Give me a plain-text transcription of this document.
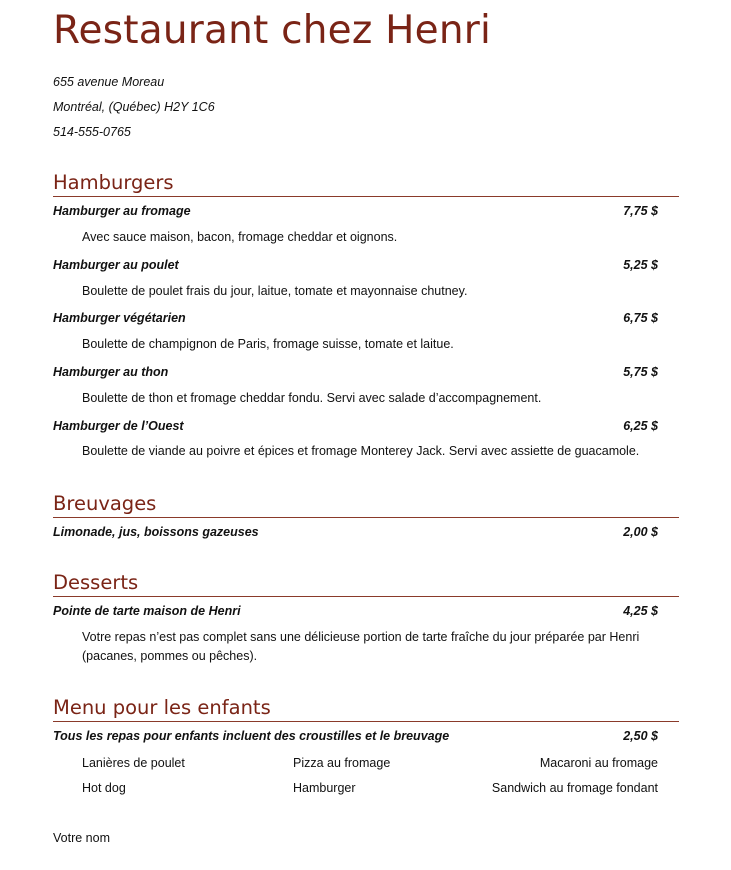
Restaurant chez Henri
655 avenue Moreau
Montréal, (Québec) H2Y 1C6
514-555-0765
Hamburgers
Hamburger au fromage	7,75 $
Avec sauce maison, bacon, fromage cheddar et oignons.
Hamburger au poulet	5,25 $
Boulette de poulet frais du jour, laitue, tomate et mayonnaise chutney.
Hamburger végétarien	6,75 $
Boulette de champignon de Paris, fromage suisse, tomate et laitue.
Hamburger au thon	5,75 $
Boulette de thon et fromage cheddar fondu. Servi avec salade d’accompagnement.
Hamburger de l’Ouest	6,25 $
Boulette de viande au poivre et épices et fromage Monterey Jack. Servi avec assiette de guacamole.
Breuvages
Limonade, jus, boissons gazeuses	2,00 $
Desserts
Pointe de tarte maison de Henri	4,25 $
Votre repas n’est pas complet sans une délicieuse portion de tarte fraîche du jour préparée par Henri (pacanes, pommes ou pêches).
Menu pour les enfants
Tous les repas pour enfants incluent des croustilles et le breuvage	2,50 $
Lanières de poulet	Pizza au fromage	Macaroni au fromage
Hot dog	Hamburger	Sandwich au fromage fondant
Votre nom
